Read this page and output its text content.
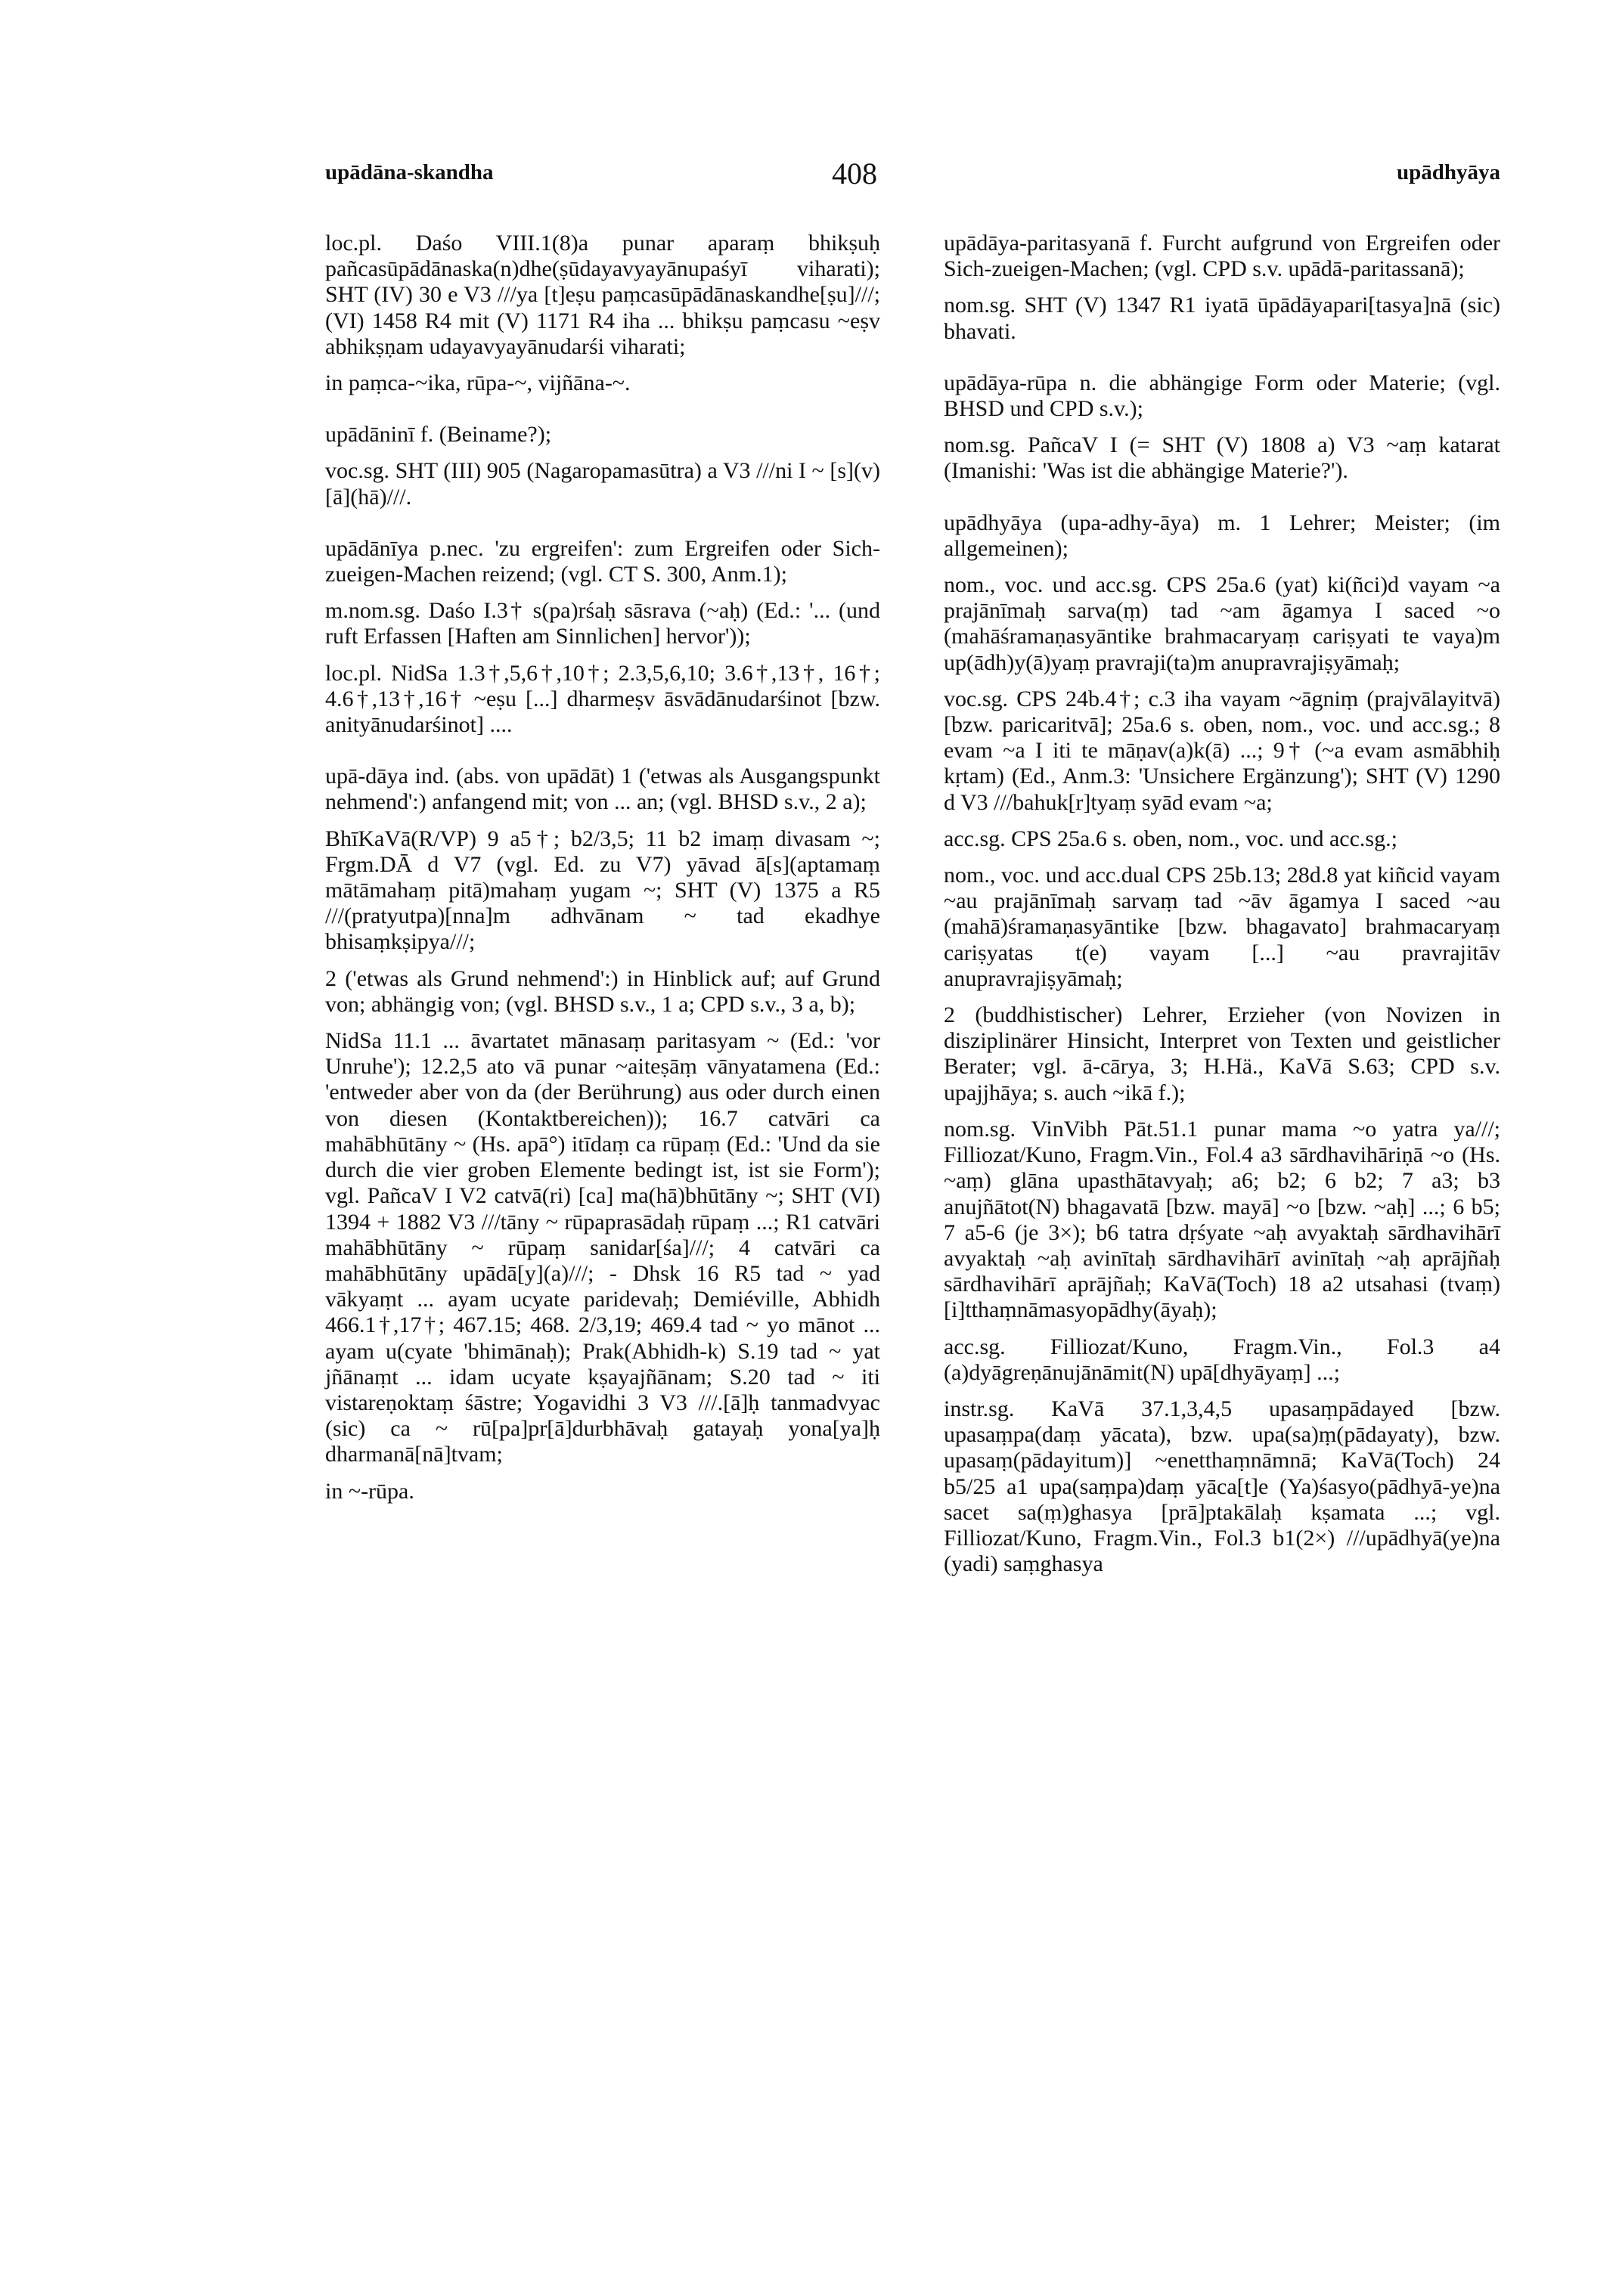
upādāna-skandha	408	upādhyāya

loc.pl. Daśo VIII.1(8)a punar aparaṃ bhikṣuḥ pañcasūpādānaska(n)dhe(ṣūdayavyayānupaśyī viharati); SHT (IV) 30 e V3 ///ya [t]eṣu paṃcasūpādānaskandhe[ṣu]///; (VI) 1458 R4 mit (V) 1171 R4 iha ... bhikṣu paṃcasu ~eṣv abhikṣṇam udayavyayānudarśi viharati;

in paṃca-~ika, rūpa-~, vijñāna-~.

upādāninī f. (Beiname?);

voc.sg. SHT (III) 905 (Nagaropamasūtra) a V3 ///ni I ~ [s](v)[ā](hā)///.

upādānīya p.nec. 'zu ergreifen': zum Ergreifen oder Sich-zueigen-Machen reizend; (vgl. CT S. 300, Anm.1);

m.nom.sg. Daśo I.3† s(pa)rśaḥ sāsrava (~aḥ) (Ed.: '... (und ruft Erfassen [Haften am Sinnlichen] hervor'));

loc.pl. NidSa 1.3†,5,6†,10†; 2.3,5,6,10; 3.6†,13†, 16†; 4.6†,13†,16† ~eṣu [...] dharmeṣv āsvādānudarśinot [bzw. anityānudarśinot] ....

upā-dāya ind. (abs. von upādāt) 1 ('etwas als Ausgangspunkt nehmend':) anfangend mit; von ... an; (vgl. BHSD s.v., 2 a);

BhīKaVā(R/VP) 9 a5†; b2/3,5; 11 b2 imaṃ divasam ~; Frgm.DĀ d V7 (vgl. Ed. zu V7) yāvad ā[s](aptamaṃ mātāmahaṃ pitā)mahaṃ yugam ~; SHT (V) 1375 a R5 ///(pratyutpa)[nna]m adhvānam ~ tad ekadhye bhisaṃkṣipya///;

2 ('etwas als Grund nehmend':) in Hinblick auf; auf Grund von; abhängig von; (vgl. BHSD s.v., 1 a; CPD s.v., 3 a, b);

NidSa 11.1 ... āvartatet mānasaṃ paritasyam ~ (Ed.: 'vor Unruhe'); 12.2,5 ato vā punar ~aiteṣāṃ vānyatamena (Ed.: 'entweder aber von da (der Berührung) aus oder durch einen von diesen (Kontaktbereichen)); 16.7 catvāri ca mahābhūtāny ~ (Hs. apā°) itīdaṃ ca rūpaṃ (Ed.: 'Und da sie durch die vier groben Elemente bedingt ist, ist sie Form'); vgl. PañcaV I V2 catvā(ri) [ca] ma(hā)bhūtāny ~; SHT (VI) 1394 + 1882 V3 ///tāny ~ rūpaprasādaḥ rūpaṃ ...; R1 catvāri mahābhūtāny ~ rūpaṃ sanidar[śa]///; 4 catvāri ca mahābhūtāny upādā[y](a)///; - Dhsk 16 R5 tad ~ yad vākyaṃt ... ayam ucyate paridevaḥ; Demiéville, Abhidh 466.1†,17†; 467.15; 468. 2/3,19; 469.4 tad ~ yo mānot ... ayam u(cyate 'bhimānaḥ); Prak(Abhidh-k) S.19 tad ~ yat jñānaṃt ... idam ucyate kṣayajñānam; S.20 tad ~ iti vistareṇoktaṃ śāstre; Yogavidhi 3 V3 ///.[ā]ḥ tanmadvyac (sic) ca ~ rū[pa]pr[ā]durbhāvaḥ gatayaḥ yona[ya]ḥ dharmanā[nā]tvam;

in ~-rūpa.

upādāya-paritasyanā f. Furcht aufgrund von Ergreifen oder Sich-zueigen-Machen; (vgl. CPD s.v. upādā-paritassanā);

nom.sg. SHT (V) 1347 R1 iyatā ūpādāyapari[tasya]nā (sic) bhavati.

upādāya-rūpa n. die abhängige Form oder Materie; (vgl. BHSD und CPD s.v.);

nom.sg. PañcaV I (= SHT (V) 1808 a) V3 ~aṃ katarat (Imanishi: 'Was ist die abhängige Materie?').

upādhyāya (upa-adhy-āya) m. 1 Lehrer; Meister; (im allgemeinen);

nom., voc. und acc.sg. CPS 25a.6 (yat) ki(ñci)d vayam ~a prajānīmaḥ sarva(ṃ) tad ~am āgamya I saced ~o (mahāśramaṇasyāntike brahmacaryaṃ cariṣyati te vaya)m up(ādh)y(ā)yaṃ pravraji(ta)m anupravrajiṣyāmaḥ;

voc.sg. CPS 24b.4†; c.3 iha vayam ~āgniṃ (prajvālayitvā) [bzw. paricaritvā]; 25a.6 s. oben, nom., voc. und acc.sg.; 8 evam ~a I iti te māṇav(a)k(ā) ...; 9† (~a evam asmābhiḥ kṛtam) (Ed., Anm.3: 'Unsichere Ergänzung'); SHT (V) 1290 d V3 ///bahuk[r]tyaṃ syād evam ~a;

acc.sg. CPS 25a.6 s. oben, nom., voc. und acc.sg.;

nom., voc. und acc.dual CPS 25b.13; 28d.8 yat kiñcid vayam ~au prajānīmaḥ sarvaṃ tad ~āv āgamya I saced ~au (mahā)śramaṇasyāntike [bzw. bhagavato] brahmacaryaṃ cariṣyatas t(e) vayam [...] ~au pravrajitāv anupravrajiṣyāmaḥ;

2 (buddhistischer) Lehrer, Erzieher (von Novizen in disziplinärer Hinsicht, Interpret von Texten und geistlicher Berater; vgl. ā-cārya, 3; H.Hä., KaVā S.63; CPD s.v. upajjhāya; s. auch ~ikā f.);

nom.sg. VinVibh Pāt.51.1 punar mama ~o yatra ya///; Filliozat/Kuno, Fragm.Vin., Fol.4 a3 sārdhavihāriṇā ~o (Hs. ~aṃ) glāna upasthātavyaḥ; a6; b2; 6 b2; 7 a3; b3 anujñātot(N) bhagavatā [bzw. mayā] ~o [bzw. ~aḥ] ...; 6 b5; 7 a5-6 (je 3×); b6 tatra dṛśyate ~aḥ avyaktaḥ sārdhavihārī avyaktaḥ ~aḥ avinītaḥ sārdhavihārī avinītaḥ ~aḥ aprājñaḥ sārdhavihārī aprājñaḥ; KaVā(Toch) 18 a2 utsahasi (tvaṃ) [i]tthaṃnāmasyopādhy(āyaḥ);

acc.sg. Filliozat/Kuno, Fragm.Vin., Fol.3 a4 (a)dyāgreṇānujānāmit(N) upā[dhyāyaṃ] ...;

instr.sg. KaVā 37.1,3,4,5 upasaṃpādayed [bzw. upasaṃpa(daṃ yācata), bzw. upa(sa)ṃ(pādayaty), bzw. upasaṃ(pādayitum)] ~enetthaṃnāmnā; KaVā(Toch) 24 b5/25 a1 upa(saṃpa)daṃ yāca[t]e (Ya)śasyo(pādhyā-ye)na sacet sa(ṃ)ghasya [prā]ptakālaḥ kṣamata ...; vgl. Filliozat/Kuno, Fragm.Vin., Fol.3 b1(2×) ///upādhyā(ye)na (yadi) saṃghasya
